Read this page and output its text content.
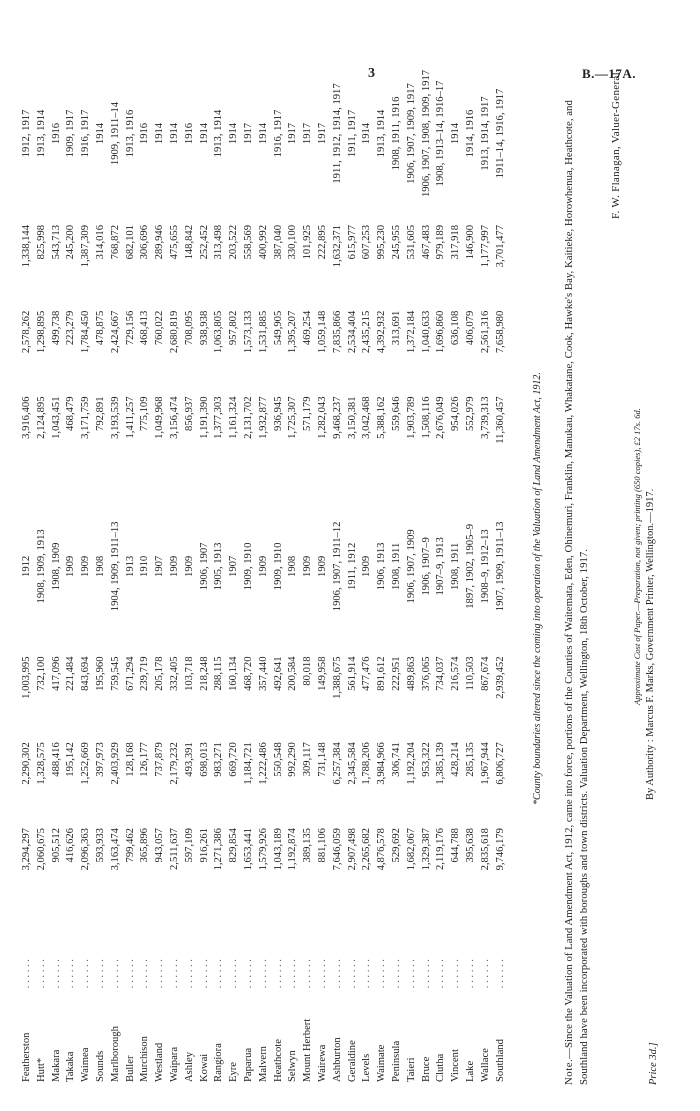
3	B.—17A.
Featherston	. . . . . .	3,294,297	2,290,302	1,003,995	1912	3,916,406	2,578,262	1,338,144	1912, 1917
Hutt*	. . . . . .	2,060,675	1,328,575	732,100	1908, 1909, 1913	2,124,895	1,298,895	825,998	1913, 1914
Makara	. . . . . .	905,512	488,416	417,096	1908, 1909	1,043,451	499,738	543,713	1916
Takaka	. . . . . .	416,626	195,142	221,484	1909	468,479	223,279	245,200	1909, 1917
Waimea	. . . . . .	2,096,363	1,252,669	843,694	1909	3,171,759	1,784,450	1,387,309	1916, 1917
Sounds	. . . . . .	593,933	397,973	195,960	1908	792,891	478,875	314,016	1914
Marlborough	. . . . . .	3,163,474	2,403,929	759,545	1904, 1909, 1911–13	3,193,539	2,424,667	768,872	1909, 1911–14
Buller	. . . . . .	799,462	128,168	671,294	1913	1,411,257	729,156	682,101	1913, 1916
Murchison	. . . . . .	365,896	126,177	239,719	1910	775,109	468,413	306,696	1916
Westland	. . . . . .	943,057	737,879	205,178	1907	1,049,968	760,022	289,946	1914
Waipara	. . . . . .	2,511,637	2,179,232	332,405	1909	3,156,474	2,680,819	475,655	1914
Ashley	. . . . . .	597,109	493,391	103,718	1909	856,937	708,095	148,842	1916
Kowai	. . . . . .	916,261	698,013	218,248	1906, 1907	1,191,390	938,938	252,452	1914
Rangiora	. . . . . .	1,271,386	983,271	288,115	1905, 1913	1,377,303	1,063,805	313,498	1913, 1914
Eyre	. . . . . .	829,854	669,720	160,134	1907	1,161,324	957,802	203,522	1914
Paparua	. . . . . .	1,653,441	1,184,721	468,720	1909, 1910	2,131,702	1,573,133	558,569	1917
Malvern	. . . . . .	1,579,926	1,222,486	357,440	1909	1,932,877	1,531,885	400,992	1914
Heathcote	. . . . . .	1,043,189	550,548	492,641	1909, 1910	936,945	549,905	387,040	1916, 1917
Selwyn	. . . . . .	1,192,874	992,290	200,584	1908	1,725,307	1,395,207	330,100	1917
Mount Herbert	. . . . . .	389,135	309,117	80,018	1909	571,179	469,254	101,925	1917
Wairewa	. . . . . .	881,106	731,148	149,958	1909	1,282,043	1,059,148	222,895	1917
Ashburton	. . . . . .	7,646,059	6,257,384	1,388,675	1906, 1907, 1911–12	9,468,237	7,835,866	1,632,371	1911, 1912, 1914, 1917
Geraldine	. . . . . .	2,907,498	2,345,584	561,914	1911, 1912	3,150,381	2,534,404	615,977	1911, 1917
Levels	. . . . . .	2,265,682	1,788,206	477,476	1909	3,042,468	2,435,215	607,253	1914
Waimate	. . . . . .	4,876,578	3,984,966	891,612	1906, 1913	5,388,162	4,392,932	995,230	1913, 1914
Peninsula	. . . . . .	529,692	306,741	222,951	1908, 1911	559,646	313,691	245,955	1908, 1911, 1916
Taieri	. . . . . .	1,682,067	1,192,204	489,863	1906, 1907, 1909	1,903,789	1,372,184	531,605	1906, 1907, 1909, 1917
Bruce	. . . . . .	1,329,387	953,322	376,065	1906, 1907–9	1,508,116	1,040,633	467,483	1906, 1907, 1908, 1909, 1917
Clutha	. . . . . .	2,119,176	1,385,139	734,037	1907–9, 1913	2,676,049	1,696,860	979,189	1908, 1913–14, 1916–17
Vincent	. . . . . .	644,788	428,214	216,574	1908, 1911	954,026	636,108	317,918	1914
Lake	. . . . . .	395,638	285,135	110,503	1897, 1902, 1905–9	552,979	406,079	146,900	1914, 1916
Wallace	. . . . . .	2,835,618	1,967,944	867,674	1908–9, 1912–13	3,739,313	2,561,316	1,177,997	1913, 1914, 1917
Southland	. . . . . .	9,746,179	6,806,727	2,939,452	1907, 1909, 1911–13	11,360,457	7,658,980	3,701,477	1911–14, 1916, 1917
*County boundaries altered since the coming into operation of the Valuation of Land Amendment Act, 1912.
Note.—Since the Valuation of Land Amendment Act, 1912, came into force, portions of the Counties of Waitemata, Eden, Ohinemuri, Franklin, Manukau, Whakatane, Cook, Hawke's Bay, Kaitieke, Horowhenua, Heathcote, and Southland have been incorporated with boroughs and town districts. Valuation Department, Wellington, 18th October, 1917.
F. W. Flanagan, Valuer-General.
Approximate Cost of Paper.—Preparation, not given; printing (650 copies), £2 17s. 6d. By Authority : Marcus F. Marks, Government Printer, Wellington.—1917.
Price 3d.]
